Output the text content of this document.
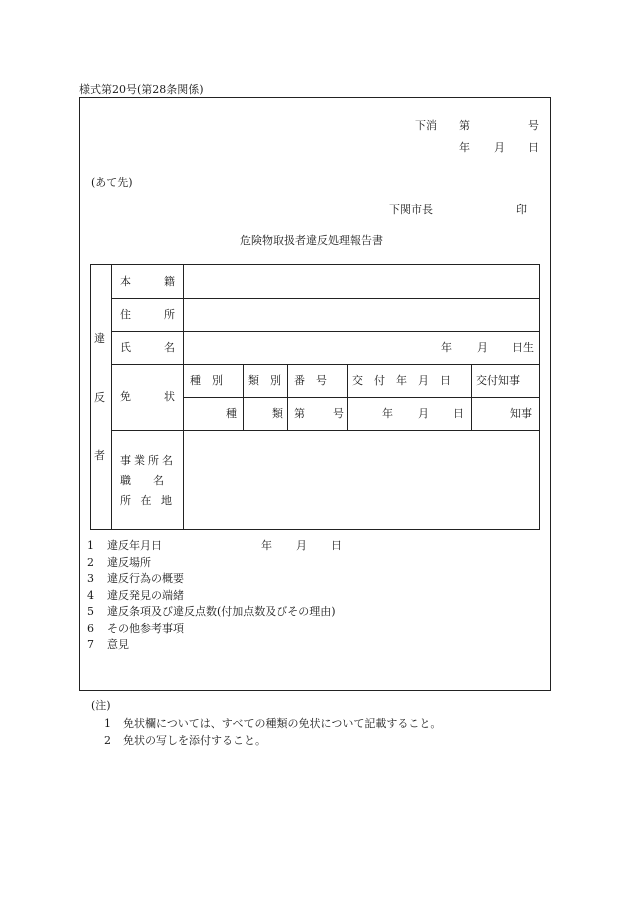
様式第20号(第28条関係)
下消 第	号
年 月 日
(あて先)
下関市長	印
危険物取扱者違反処理報告書
違
反
者
本　　　籍
住　　　所
氏　　　名	年 月 日生
免　　　状
種　別 類　別 番　号 交　付　年　月　日 交付知事
種	類 第	号	年 月 日	知事
事業所名
職　　名
所 在 地
1 違反年月日	年 月 日
2 違反場所
3 違反行為の概要
4 違反発見の端緒
5 違反条項及び違反点数(付加点数及びその理由)
6 その他参考事項
7 意見
(注)
1 免状欄については、すべての種類の免状について記載すること。
2 免状の写しを添付すること。
